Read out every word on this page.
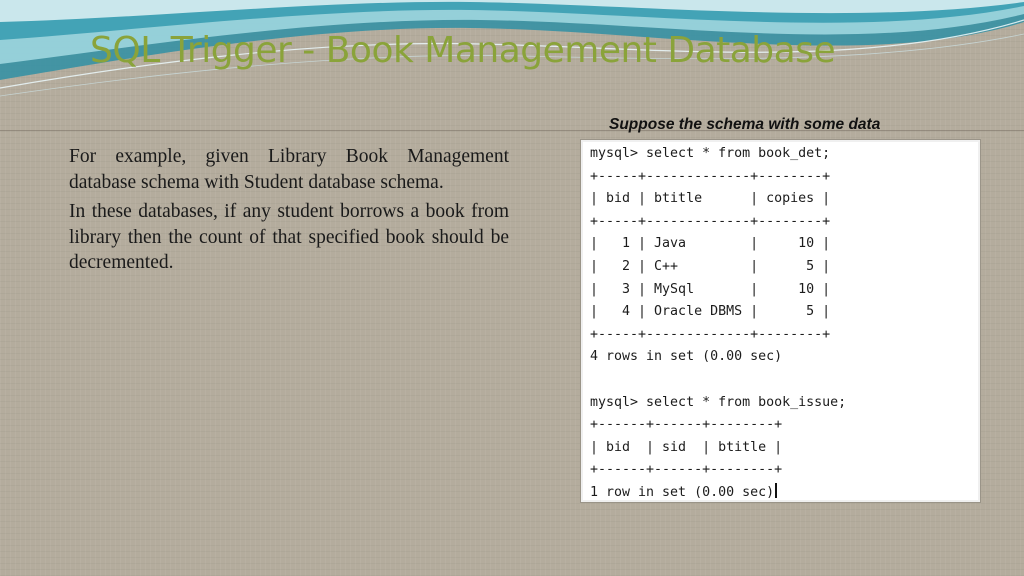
SQL Trigger - Book Management Database

For example, given Library Book Management database schema with Student database schema.

In these databases, if any student borrows a book from library then the count of that specified book should be decremented.

Suppose the schema with some data
mysql> select * from book_det;
+-----+-------------+--------+
| bid | btitle      | copies |
+-----+-------------+--------+
|   1 | Java        |     10 |
|   2 | C++         |      5 |
|   3 | MySql       |     10 |
|   4 | Oracle DBMS |      5 |
+-----+-------------+--------+
4 rows in set (0.00 sec)

mysql> select * from book_issue;
+------+------+--------+
| bid  | sid  | btitle |
+------+------+--------+
1 row in set (0.00 sec)
